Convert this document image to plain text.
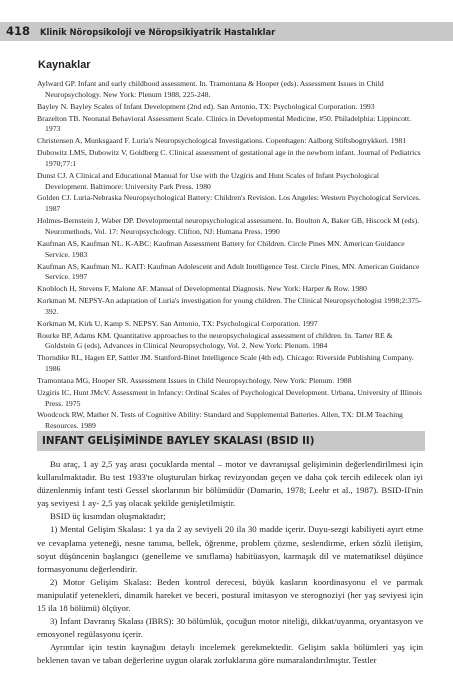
418 Klinik Nöropsikoloji ve Nöropsikiyatrik Hastalıklar
Kaynaklar

Aylward GP. Infant and early childhood assessment. In. Tramontana & Hooper (eds). Assessment Issues in Child Neuropsychology. New York: Plenum 1988, 225-248.

Bayley N. Bayley Scales of Infant Development (2nd ed). San Antonio, TX: Psychological Corporation. 1993

Brazelton TB. Neonatal Behavioral Assessment Scale. Clinics in Developmental Medicine, #50. Philadelphia: Lippincott. 1973

Christensen A, Munksgaard F. Luria's Neuropsychological Investigations. Copenhagen: Aalborg Stiftsbogtrykkeri. 1981

Dubowitz LMS, Dubowitz V, Goldberg C. Clinical assessment of gestational age in the newborn infant. Journal of Pediatrics 1970;77:1

Dunst CJ. A Clinical and Educational Manual for Use with the Uzgiris and Hunt Scales of Infant Psychological Development. Baltimore: University Park Press. 1980

Golden CJ. Luria-Nebraska Neuropsychological Battery: Children's Revision. Los Angeles: Western Psychological Services. 1987

Holmes-Bernstein J, Waber DP. Developmental neuropsychological assessment. In. Boulton A, Baker GB, Hiscock M (eds). Neuromethods, Vol. 17: Neuropsychology. Clifton, NJ: Humana Press. 1990

Kaufman AS, Kaufman NL. K-ABC: Kaufman Assessment Battery for Children. Circle Pines MN. American Guidance Service. 1983

Kaufman AS, Kaufman NL. KAIT: Kaufman Adolescent and Adult Intelligence Test. Circle Pines, MN. American Guidance Service. 1997

Knobloch H, Stevens F, Malone AF. Manual of Developmental Diagnosis. New York: Harper & Row. 1980

Korkman M. NEPSY-An adaptation of Luria's investigation for young children. The Clinical Neuropsychologist 1998;2:375-392.

Korkman M, Kirk U, Kamp S. NEPSY. San Antonio, TX: Psychological Corporation. 1997

Rourke BP, Adams KM. Quantitative approaches to the neuropsychological assessment of children. In. Tarter RE & Goldstein G (eds), Advances in Clinical Neuropsychology, Vol. 2. New York: Plenum. 1984

Thorndike RL, Hagen EP, Sattler JM. Stanford-Binet Intelligence Scale (4th ed). Chicago: Riverside Publishing Company. 1986

Tramontana MG, Hooper SR. Assessment Issues in Child Neuropsychology. New York: Plenum. 1988

Uzgiris IC, Hunt JMcV. Assessment in Infancy: Ordinal Scales of Psychological Development. Urbana, University of Illinois Press. 1975

Woodcock RW, Mather N. Tests of Cognitive Ability: Standard and Supplemental Batteries. Allen, TX: DLM Teaching Resources. 1989

INFANT GELİŞİMİNDE BAYLEY SKALASI (BSID II)

Bu araç, 1 ay 2,5 yaş arası çocuklarda mental – motor ve davranışsal gelişiminin değerlendirilmesi için kullanılmaktadır. Bu test 1933'te oluşturulan birkaç revizyondan geçen ve daha çok tercih edilecek olan iyi düzenlenmiş infant testi Gessel skorlarının bir bölümüdür (Damarin, 1978; Leehr et al., 1987). BSID-II'nin yaş seviyesi 1 ay- 2,5 yaş olacak şekilde genişletilmiştir.

BSID üç kısımdan oluşmaktadır;

1) Mental Gelişim Skalası: 1 ya da 2 ay seviyeli 20 ila 30 madde içerir. Duyu-sezgi kabiliyeti ayırt etme ve cevaplama yeteneği, nesne tanıma, bellek, öğrenme, problem çözme, seslendirme, erken sözlü iletişim, soyut düşüncenin başlangıcı (genelleme ve sınıflama) habitüasyon, karmaşık dil ve matematiksel düşünce formasyonunu değerlendirir.

2) Motor Gelişim Skalası: Beden kontrol derecesi, büyük kasların koordinasyonu el ve parmak manipulatif yetenekleri, dinamik hareket ve beceri, postural imitasyon ve sterognoziyi (her yaş seviyesi için 15 ila 18 bölümü) ölçüyor.

3) İnfant Davranış Skalası (IBRS): 30 bölümlük, çocuğun motor niteliği, dikkat/uyanma, oryantasyon ve emosyonel regülasyonu içerir.

Ayrıntılar için testin kaynağını detaylı incelemek gerekmektedir. Gelişim sakla bölümleri yaş için beklenen tavan ve taban değerlerine uygun olarak zorluklarına göre numaralandırılmıştır. Testler
